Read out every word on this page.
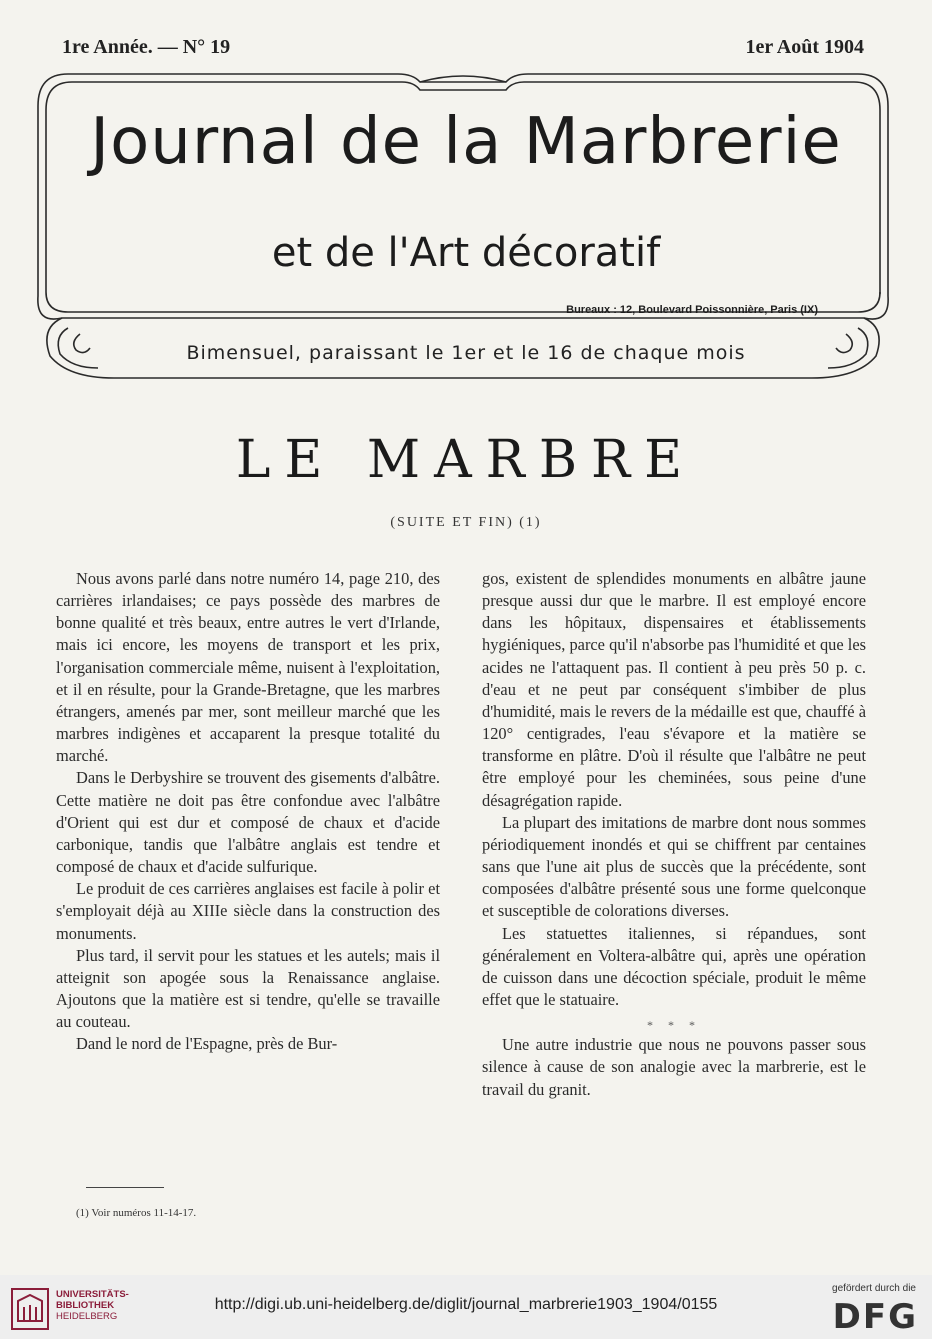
1re Année. — N° 19	1er Août 1904
Journal de la Marbrerie
et de l'Art décoratif
Bureaux : 12, Boulevard Poissonnière, Paris (IX)
Bimensuel, paraissant le 1er et le 16 de chaque mois
LE MARBRE
(SUITE ET FIN) (1)

Nous avons parlé dans notre numéro 14, page 210, des carrières irlandaises; ce pays possède des marbres de bonne qualité et très beaux, entre autres le vert d'Irlande, mais ici encore, les moyens de transport et les prix, l'organisation commerciale même, nuisent à l'exploitation, et il en résulte, pour la Grande-Bretagne, que les marbres étrangers, amenés par mer, sont meilleur marché que les marbres indigènes et accaparent la presque totalité du marché.

Dans le Derbyshire se trouvent des gisements d'albâtre. Cette matière ne doit pas être confondue avec l'albâtre d'Orient qui est dur et composé de chaux et d'acide carbonique, tandis que l'albâtre anglais est tendre et composé de chaux et d'acide sulfurique.

Le produit de ces carrières anglaises est facile à polir et s'employait déjà au XIIIe siècle dans la construction des monuments.

Plus tard, il servit pour les statues et les autels; mais il atteignit son apogée sous la Renaissance anglaise. Ajoutons que la matière est si tendre, qu'elle se travaille au couteau.

Dand le nord de l'Espagne, près de Bur-

gos, existent de splendides monuments en albâtre jaune presque aussi dur que le marbre. Il est employé encore dans les hôpitaux, dispensaires et établissements hygiéniques, parce qu'il n'absorbe pas l'humidité et que les acides ne l'attaquent pas. Il contient à peu près 50 p. c. d'eau et ne peut par conséquent s'imbiber de plus d'humidité, mais le revers de la médaille est que, chauffé à 120° centigrades, l'eau s'évapore et la matière se transforme en plâtre. D'où il résulte que l'albâtre ne peut être employé pour les cheminées, sous peine d'une désagrégation rapide.

La plupart des imitations de marbre dont nous sommes périodiquement inondés et qui se chiffrent par centaines sans que l'une ait plus de succès que la précédente, sont composées d'albâtre présenté sous une forme quelconque et susceptible de colorations diverses.

Les statuettes italiennes, si répandues, sont généralement en Voltera-albâtre qui, après une opération de cuisson dans une décoction spéciale, produit le même effet que le statuaire.

* * *

Une autre industrie que nous ne pouvons passer sous silence à cause de son analogie avec la marbrerie, est le travail du granit.

(1) Voir numéros 11-14-17.
UNIVERSITÄTS-
BIBLIOTHEK
HEIDELBERG
http://digi.ub.uni-heidelberg.de/diglit/journal_marbrerie1903_1904/0155
gefördert durch die
DFG
